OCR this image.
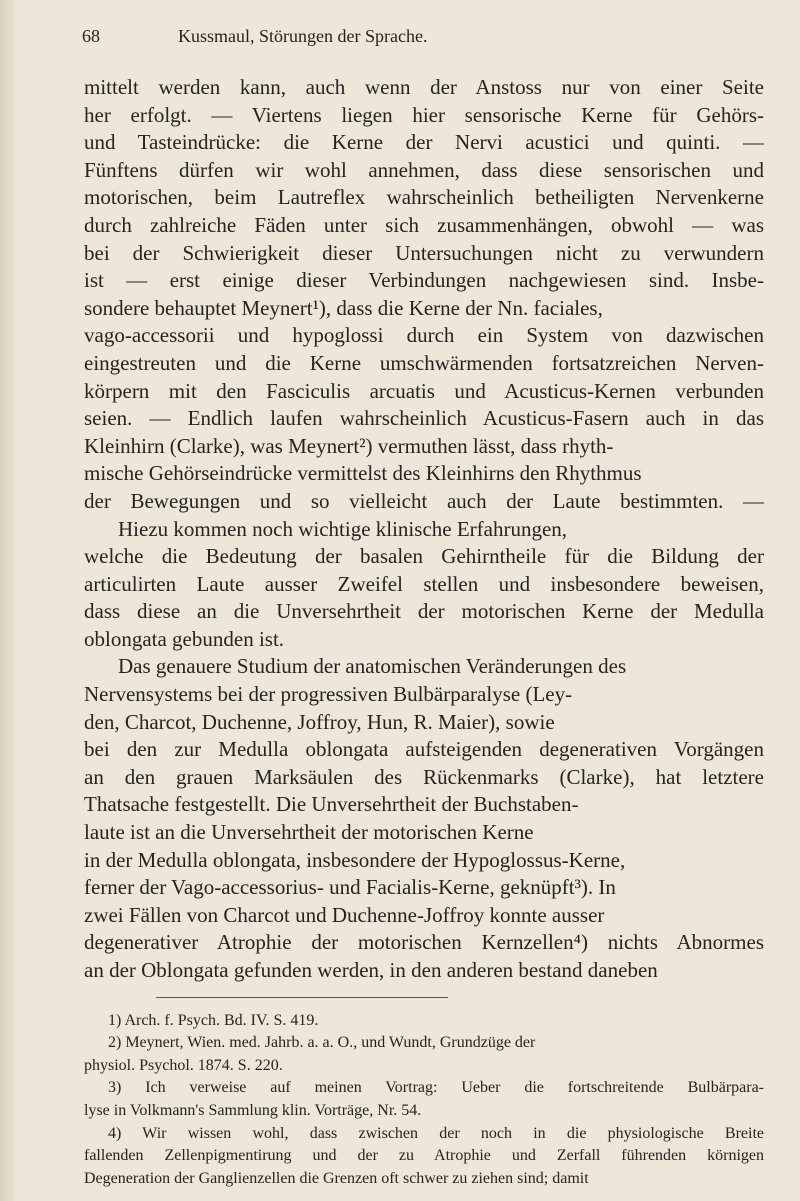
68	Kussmaul, Störungen der Sprache.
mittelt werden kann, auch wenn der Anstoss nur von einer Seite
her erfolgt. — Viertens liegen hier sensorische Kerne für Gehörs-
und Tasteindrücke: die Kerne der Nervi acustici und quinti. —
Fünftens dürfen wir wohl annehmen, dass diese sensorischen und
motorischen, beim Lautreflex wahrscheinlich betheiligten Nervenkerne
durch zahlreiche Fäden unter sich zusammenhängen, obwohl — was
bei der Schwierigkeit dieser Untersuchungen nicht zu verwundern
ist — erst einige dieser Verbindungen nachgewiesen sind. Insbe-
sondere behauptet Meynert¹), dass die Kerne der Nn. faciales,
vago-accessorii und hypoglossi durch ein System von dazwischen
eingestreuten und die Kerne umschwärmenden fortsatzreichen Nerven-
körpern mit den Fasciculis arcuatis und Acusticus-Kernen verbunden
seien. — Endlich laufen wahrscheinlich Acusticus-Fasern auch in das
Kleinhirn (Clarke), was Meynert²) vermuthen lässt, dass rhyth-
mische Gehörseindrücke vermittelst des Kleinhirns den Rhythmus
der Bewegungen und so vielleicht auch der Laute bestimmten. —
Hiezu kommen noch wichtige klinische Erfahrungen,
welche die Bedeutung der basalen Gehirntheile für die Bildung der
articulirten Laute ausser Zweifel stellen und insbesondere beweisen,
dass diese an die Unversehrtheit der motorischen Kerne der Medulla
oblongata gebunden ist.
Das genauere Studium der anatomischen Veränderungen des
Nervensystems bei der progressiven Bulbärparalyse (Ley-
den, Charcot, Duchenne, Joffroy, Hun, R. Maier), sowie
bei den zur Medulla oblongata aufsteigenden degenerativen Vorgängen
an den grauen Marksäulen des Rückenmarks (Clarke), hat letztere
Thatsache festgestellt. Die Unversehrtheit der Buchstaben-
laute ist an die Unversehrtheit der motorischen Kerne
in der Medulla oblongata, insbesondere der Hypoglossus-Kerne,
ferner der Vago-accessorius- und Facialis-Kerne, geknüpft³). In
zwei Fällen von Charcot und Duchenne-Joffroy konnte ausser
degenerativer Atrophie der motorischen Kernzellen⁴) nichts Abnormes
an der Oblongata gefunden werden, in den anderen bestand daneben
1) Arch. f. Psych. Bd. IV. S. 419.
2) Meynert, Wien. med. Jahrb. a. a. O., und Wundt, Grundzüge der
physiol. Psychol. 1874. S. 220.
3) Ich verweise auf meinen Vortrag: Ueber die fortschreitende Bulbärpara-
lyse in Volkmann's Sammlung klin. Vorträge, Nr. 54.
4) Wir wissen wohl, dass zwischen der noch in die physiologische Breite
fallenden Zellenpigmentirung und der zu Atrophie und Zerfall führenden körnigen
Degeneration der Ganglienzellen die Grenzen oft schwer zu ziehen sind; damit
